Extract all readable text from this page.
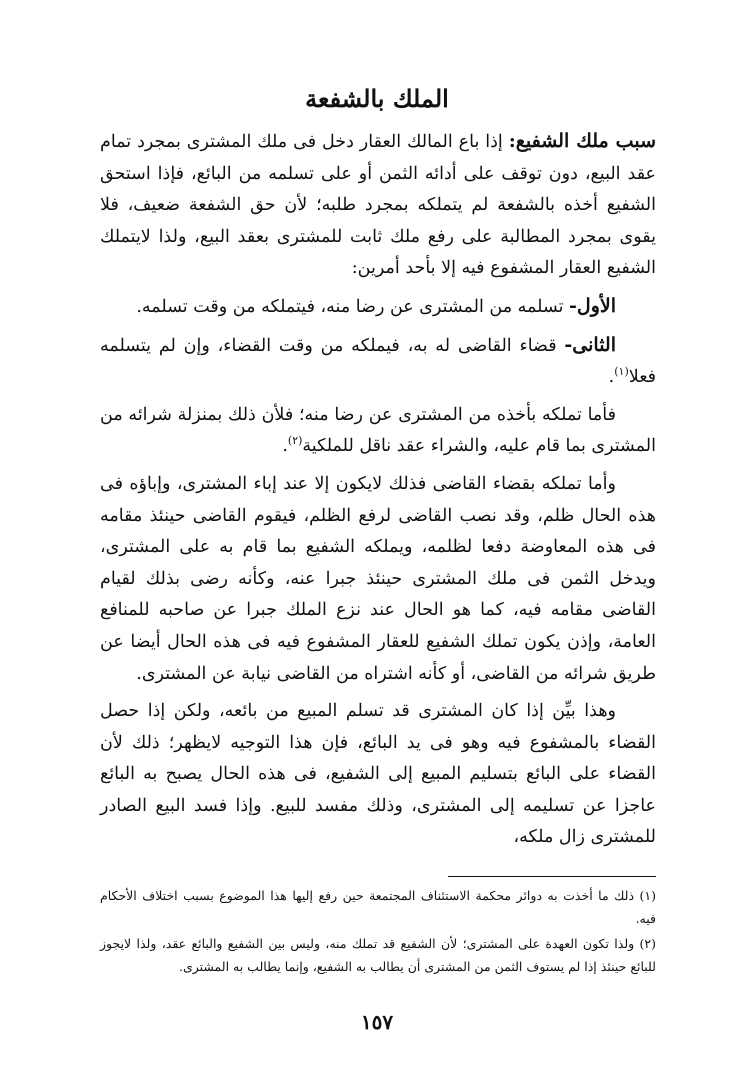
الملك بالشفعة

سبب ملك الشفيع: إذا باع المالك العقار دخل فى ملك المشترى بمجرد تمام عقد البيع، دون توقف على أدائه الثمن أو على تسلمه من البائع، فإذا استحق الشفيع أخذه بالشفعة لم يتملكه بمجرد طلبه؛ لأن حق الشفعة ضعيف، فلا يقوى بمجرد المطالبة على رفع ملك ثابت للمشترى بعقد البيع، ولذا لايتملك الشفيع العقار المشفوع فيه إلا بأحد أمرين:

الأول- تسلمه من المشترى عن رضا منه، فيتملكه من وقت تسلمه.

الثانى- قضاء القاضى له به، فيملكه من وقت القضاء، وإن لم يتسلمه فعلا$^{(١)}$.

فأما تملكه بأخذه من المشترى عن رضا منه؛ فلأن ذلك بمنزلة شرائه من المشترى بما قام عليه، والشراء عقد ناقل للملكية$^{(٢)}$.

وأما تملكه بقضاء القاضى فذلك لايكون إلا عند إباء المشترى، وإباؤه فى هذه الحال ظلم، وقد نصب القاضى لرفع الظلم، فيقوم القاضى حينئذ مقامه فى هذه المعاوضة دفعا لظلمه، ويملكه الشفيع بما قام به على المشترى، ويدخل الثمن فى ملك المشترى حينئذ جبرا عنه، وكأنه رضى بذلك لقيام القاضى مقامه فيه، كما هو الحال عند نزع الملك جبرا عن صاحبه للمنافع العامة، وإذن يكون تملك الشفيع للعقار المشفوع فيه فى هذه الحال أيضا عن طريق شرائه من القاضى، أو كأنه اشتراه من القاضى نيابة عن المشترى.

وهذا بيِّن إذا كان المشترى قد تسلم المبيع من بائعه، ولكن إذا حصل القضاء بالمشفوع فيه وهو فى يد البائع، فإن هذا التوجيه لايظهر؛ ذلك لأن القضاء على البائع بتسليم المبيع إلى الشفيع، فى هذه الحال يصبح به البائع عاجزا عن تسليمه إلى المشترى، وذلك مفسد للبيع. وإذا فسد البيع الصادر للمشترى زال ملكه،

(١) ذلك ما أخذت به دوائر محكمة الاستئناف المجتمعة حين رفع إليها هذا الموضوع بسبب اختلاف الأحكام فيه.

(٢) ولذا تكون العهدة على المشترى؛ لأن الشفيع قد تملك منه، وليس بين الشفيع والبائع عقد، ولذا لايجوز للبائع حينئذ إذا لم يستوف الثمن من المشترى أن يطالب به الشفيع، وإنما يطالب به المشترى.

١٥٧
